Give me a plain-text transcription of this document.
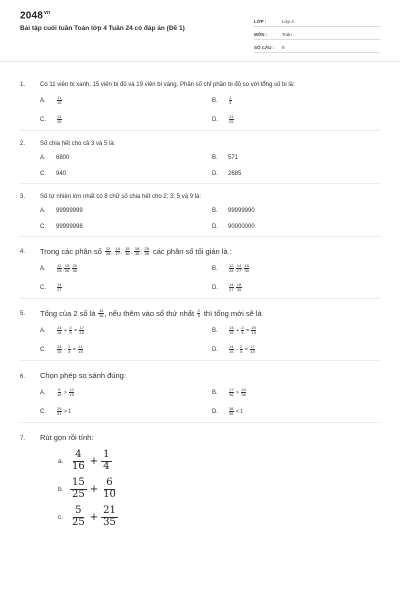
$2048^{vn}$
Bài tập cuối tuần Toán lớp 4 Tuần 24 có đáp án (Đề 1)
LỚP :	Lớp 4
MÔN :	Toán
SỐ CÂU :	9
1.	Có 11 viên bi xanh, 15 viên bi đỏ và 19 viên bi vàng. Phân số chỉ phần bi đỏ so với tổng số bi là:
A.	$\frac{11}{15}$	B.	$\frac{1}{3}$
C.	$\frac{11}{45}$	D.	$\frac{11}{25}$
2.	Số chia hết cho cả 3 và 5 là:
A.	6800	B.	571
C.	940	D.	2685
3.	Số tự nhiên lớn nhất có 8 chữ số chia hết cho 2; 3; 5 và 9 là:
A.	99999999	B.	99999990
C.	99999998	D.	90000000
4.	Trong các phân số $\frac{12}{28}$ ; $\frac{14}{27}$ ; $\frac{15}{36}$ ; $\frac{18}{35}$ ; $\frac{25}{36}$ các phân số tối giản là :
A.	$\frac{12}{28}$ ; $\frac{15}{36}$ ; $\frac{25}{36}$	B.	$\frac{12}{28}$ ; $\frac{14}{27}$ ; $\frac{18}{35}$
C.	$\frac{14}{27}$	D.	$\frac{14}{27}$ ; $\frac{18}{35}$
5.	Tổng của 2 số là $\frac{14}{15}$ , nếu thêm vào số thứ nhất $\frac{2}{5}$ thì tổng mới sẽ là
A.	$\frac{14}{15} + \frac{2}{5} = \frac{17}{15}$	B.	$\frac{14}{15} + \frac{2}{5} = \frac{20}{15}$
C.	$\frac{14}{15} - \frac{2}{5} = \frac{11}{15}$	D.	$\frac{14}{15} - \frac{2}{5} = \frac{17}{15}$
6.	Chọn phép so sánh đúng:
A.	$\frac{9}{15} > \frac{12}{15}$	B.	$\frac{17}{36} > \frac{24}{36}$
C.	$\frac{29}{31} > 1$	D.	$\frac{38}{35} < 1$
7.	Rút gọn rồi tính:
a. $\frac{4}{16} + \frac{1}{4}$
b. $\frac{15}{25} + \frac{6}{10}$
c. $\frac{5}{25} + \frac{21}{35}$
